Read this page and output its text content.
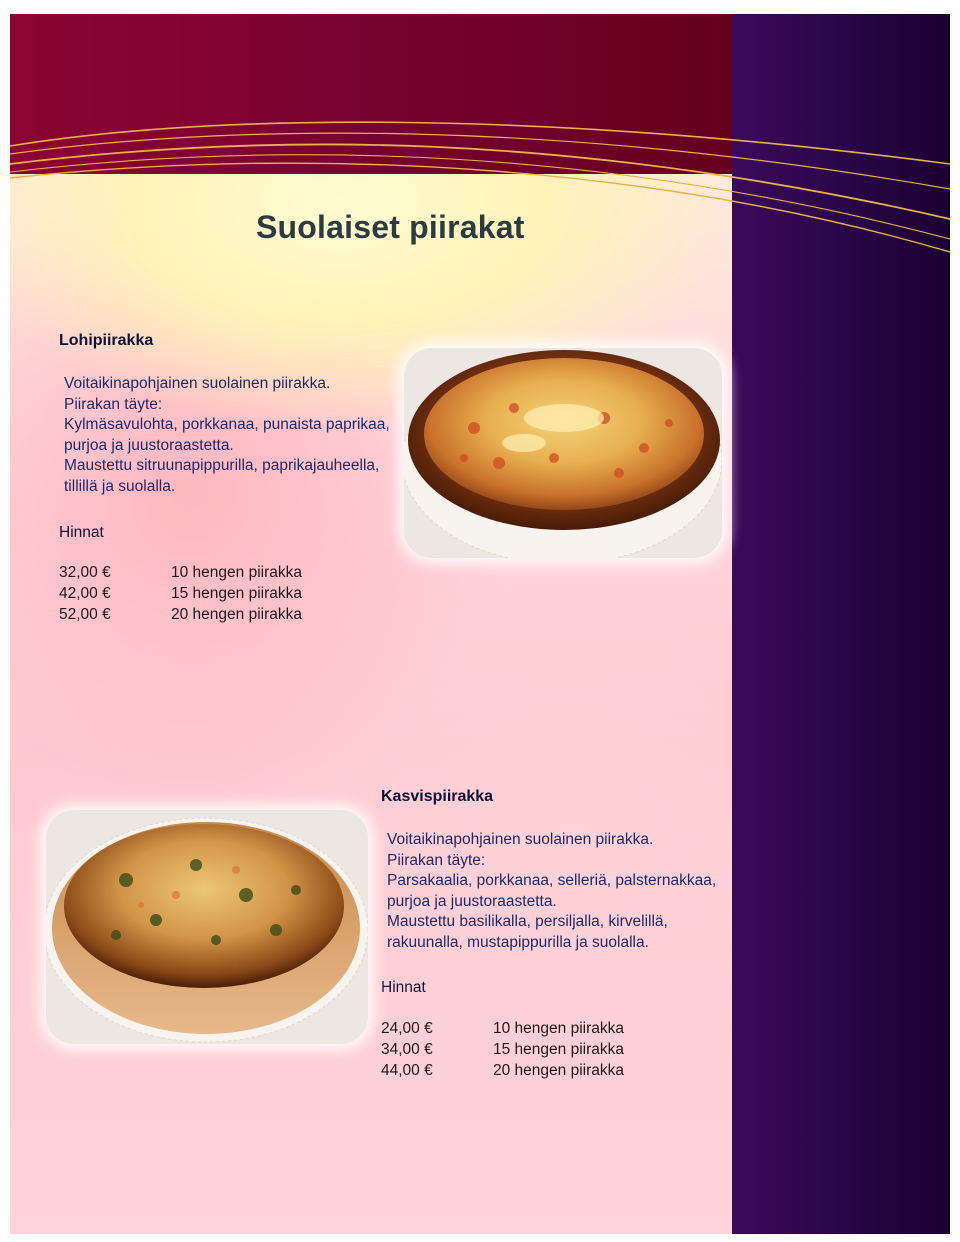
Suolaiset piirakat
Lohipiirakka
Voitaikinapohjainen suolainen piirakka.
Piirakan täyte:
Kylmäsavulohta, porkkanaa, punaista paprikaa,
purjoa ja juustoraastetta.
Maustettu sitruunapippurilla, paprikajauheella,
tillillä ja suolalla.
Hinnat
32,00 €	10 hengen piirakka
42,00 €	15 hengen piirakka
52,00 €	20 hengen piirakka
Kasvispiirakka
Voitaikinapohjainen suolainen piirakka.
Piirakan täyte:
Parsakaalia, porkkanaa, selleriä, palsternakkaa,
purjoa ja juustoraastetta.
Maustettu basilikalla, persiljalla, kirvelillä,
rakuunalla, mustapippurilla ja suolalla.
Hinnat
24,00 €	10 hengen piirakka
34,00 €	15 hengen piirakka
44,00 €	20 hengen piirakka
